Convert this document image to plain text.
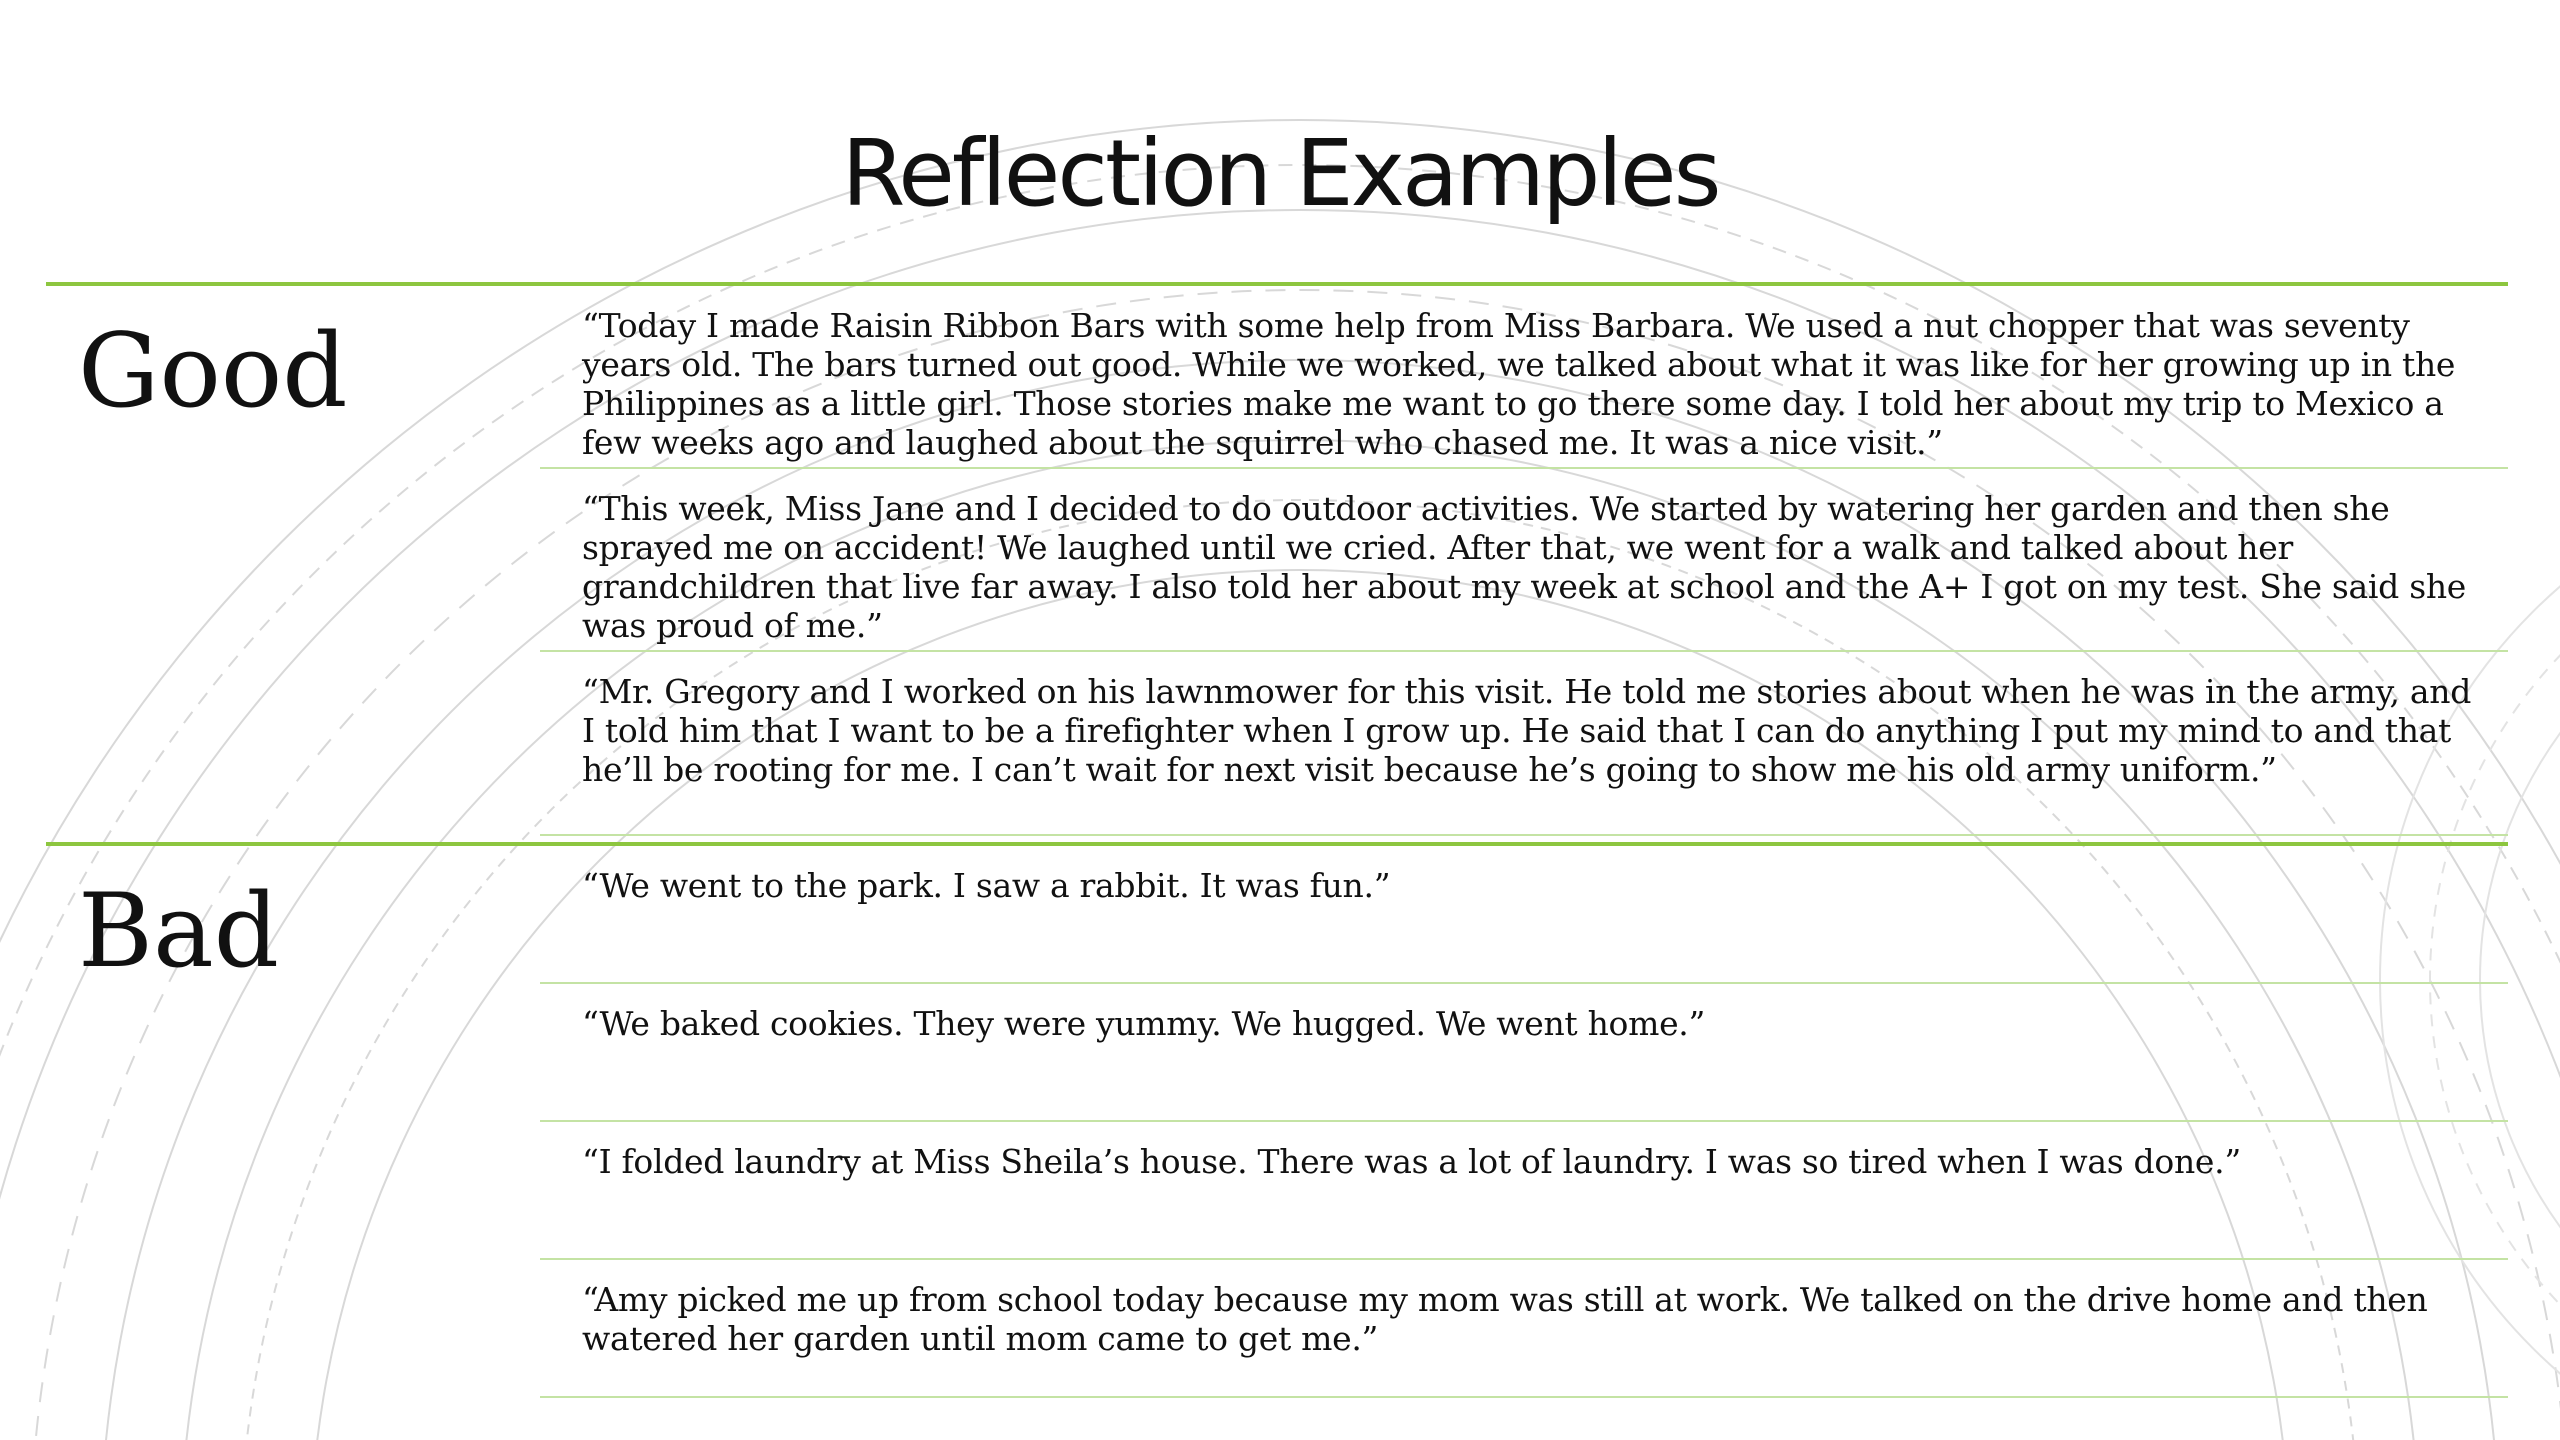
Reflection Examples
Good	“Today I made Raisin Ribbon Bars with some help from Miss Barbara. We used a nut chopper that was seventy years old. The bars turned out good. While we worked, we talked about what it was like for her growing up in the Philippines as a little girl. Those stories make me want to go there some day. I told her about my trip to Mexico a few weeks ago and laughed about the squirrel who chased me. It was a nice visit.”

“This week, Miss Jane and I decided to do outdoor activities. We started by watering her garden and then she sprayed me on accident! We laughed until we cried. After that, we went for a walk and talked about her grandchildren that live far away. I also told her about my week at school and the A+ I got on my test. She said she was proud of me.”

“Mr. Gregory and I worked on his lawnmower for this visit. He told me stories about when he was in the army, and I told him that I want to be a firefighter when I grow up. He said that I can do anything I put my mind to and that he’ll be rooting for me. I can’t wait for next visit because he’s going to show me his old army uniform.”

Bad	“We went to the park. I saw a rabbit. It was fun.”

“We baked cookies. They were yummy. We hugged. We went home.”

“I folded laundry at Miss Sheila’s house. There was a lot of laundry. I was so tired when I was done.”

“Amy picked me up from school today because my mom was still at work. We talked on the drive home and then watered her garden until mom came to get me.”
